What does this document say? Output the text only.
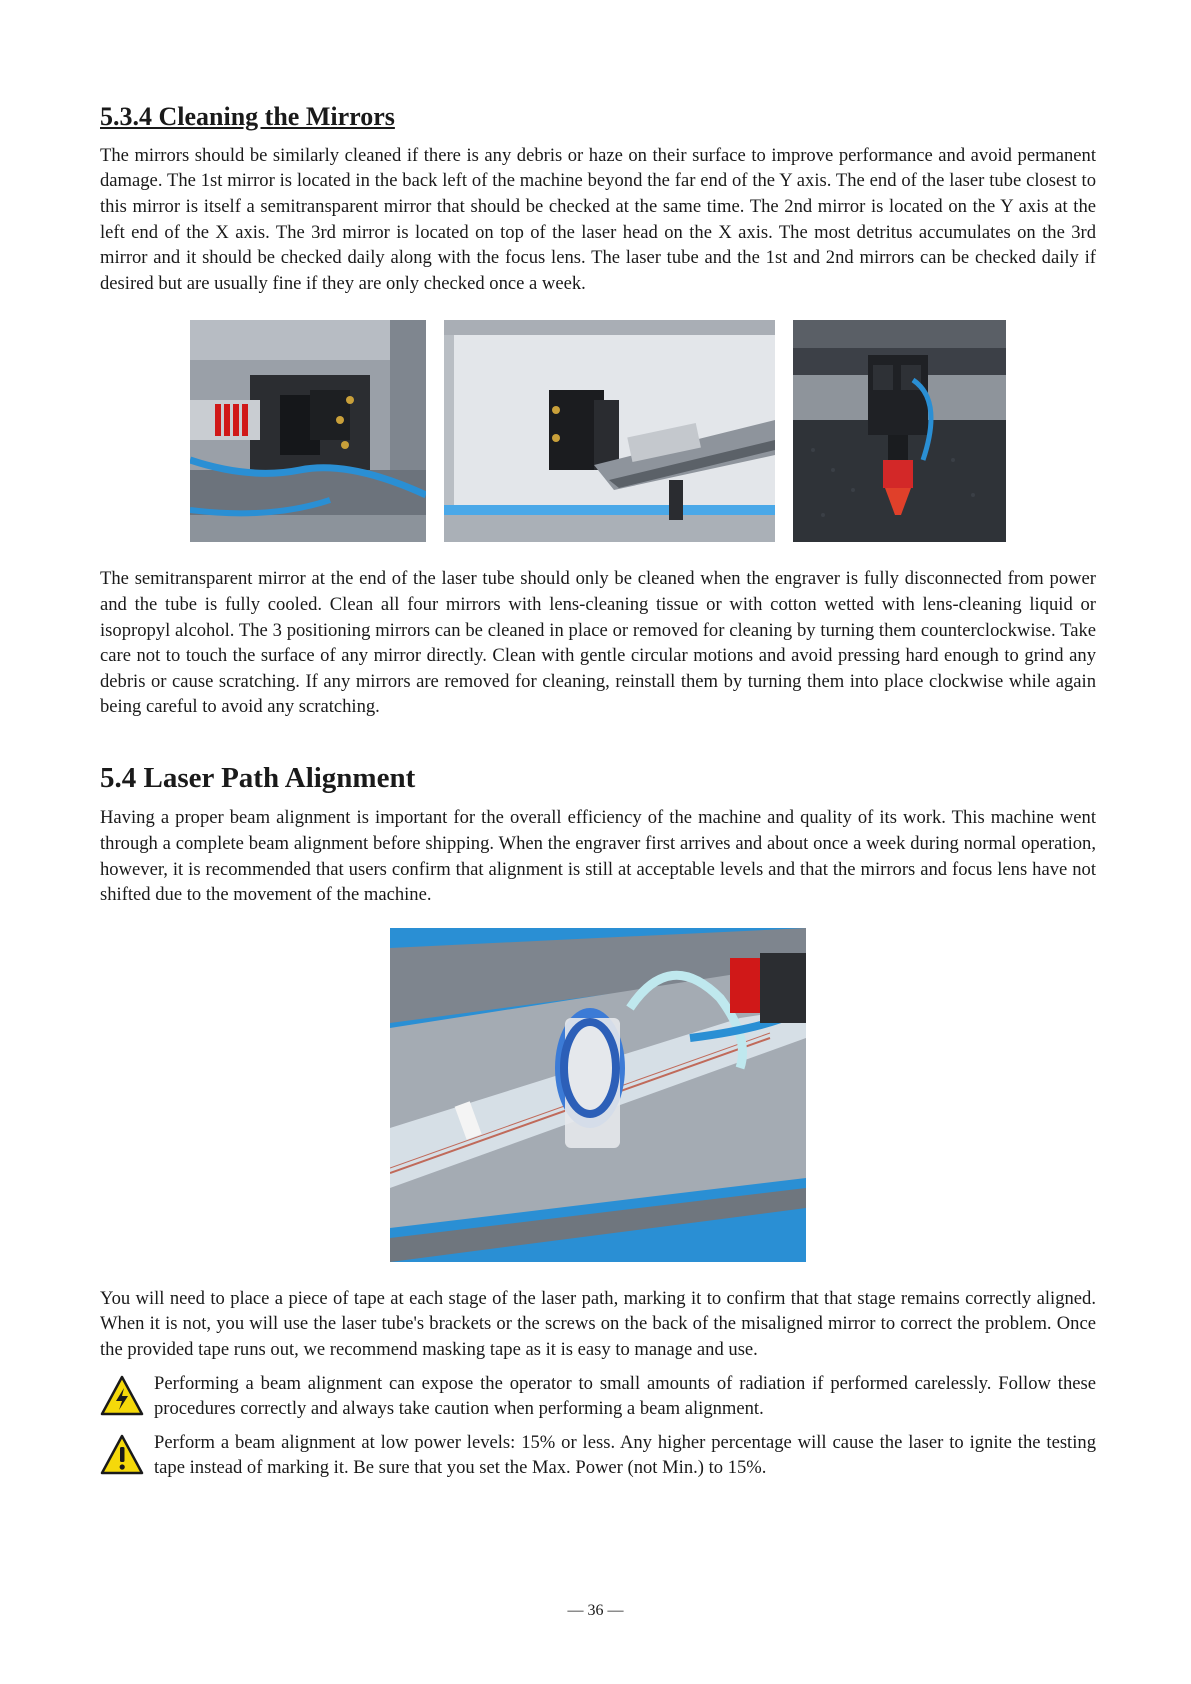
5.3.4 Cleaning the Mirrors

The mirrors should be similarly cleaned if there is any debris or haze on their surface to improve performance and avoid permanent damage. The 1st mirror is located in the back left of the machine beyond the far end of the Y axis. The end of the laser tube closest to this mirror is itself a semitransparent mirror that should be checked at the same time. The 2nd mirror is located on the Y axis at the left end of the X axis. The 3rd mirror is located on top of the laser head on the X axis. The most detritus accumulates on the 3rd mirror and it should be checked daily along with the focus lens. The laser tube and the 1st and 2nd mirrors can be checked daily if desired but are usually fine if they are only checked once a week.

The semitransparent mirror at the end of the laser tube should only be cleaned when the engraver is fully disconnected from power and the tube is fully cooled. Clean all four mirrors with lens-cleaning tissue or with cotton wetted with lens-cleaning liquid or isopropyl alcohol. The 3 positioning mirrors can be cleaned in place or removed for cleaning by turning them counterclockwise. Take care not to touch the surface of any mirror directly. Clean with gentle circular motions and avoid pressing hard enough to grind any debris or cause scratching. If any mirrors are removed for cleaning, reinstall them by turning them into place clockwise while again being careful to avoid any scratching.

5.4 Laser Path Alignment

Having a proper beam alignment is important for the overall efficiency of the machine and quality of its work. This machine went through a complete beam alignment before shipping. When the engraver first arrives and about once a week during normal operation, however, it is recommended that users confirm that alignment is still at acceptable levels and that the mirrors and focus lens have not shifted due to the movement of the machine.

You will need to place a piece of tape at each stage of the laser path, marking it to confirm that that stage remains correctly aligned. When it is not, you will use the laser tube's brackets or the screws on the back of the misaligned mirror to correct the problem. Once the provided tape runs out, we recommend masking tape as it is easy to manage and use.

Performing a beam alignment can expose the operator to small amounts of radiation if performed carelessly. Follow these procedures correctly and always take caution when performing a beam alignment.

Perform a beam alignment at low power levels: 15% or less. Any higher percentage will cause the laser to ignite the testing tape instead of marking it. Be sure that you set the Max. Power (not Min.) to 15%.

— 36 —
